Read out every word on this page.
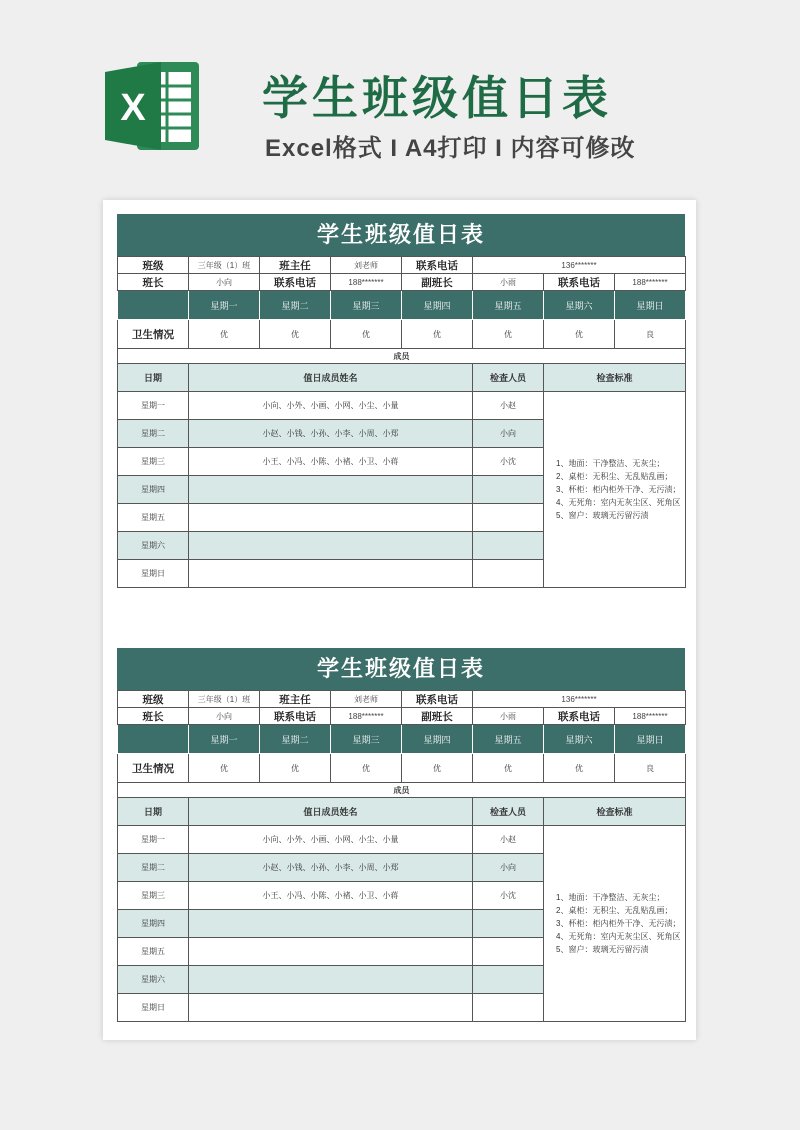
X	学生班级值日表
Excel格式 I A4打印 I 内容可修改
学生班级值日表
班级	三年级（1）班	班主任	刘老师	联系电话	136*******		
班长	小向	联系电话	188*******	副班长	小雨	联系电话	188*******
	星期一	星期二	星期三	星期四	星期五	星期六	星期日
卫生情况	优	优	优	优	优	优	良
成员							
日期	值日成员姓名				检查人员	检查标准	
星期一	小向、小外、小画、小网、小尘、小量				小赵	1、地面：干净整洁、无灰尘；
2、桌柜：无积尘、无乱贴乱画；
3、杯柜：柜内柜外干净、无污渍；
4、无死角：室内无灰尘区、死角区
5、窗户：玻璃无污留污渍	

星期二	小赵、小钱、小孙、小李、小周、小郑				小向		
星期三	小王、小冯、小陈、小褚、小卫、小蒋				小沈		
星期四							
星期五							
星期六							
星期日							
学生班级值日表
班级	三年级（1）班	班主任	刘老师	联系电话	136*******		
班长	小向	联系电话	188*******	副班长	小雨	联系电话	188*******
	星期一	星期二	星期三	星期四	星期五	星期六	星期日
卫生情况	优	优	优	优	优	优	良
成员							
日期	值日成员姓名				检查人员	检查标准	
星期一	小向、小外、小画、小网、小尘、小量				小赵	1、地面：干净整洁、无灰尘；
2、桌柜：无积尘、无乱贴乱画；
3、杯柜：柜内柜外干净、无污渍；
4、无死角：室内无灰尘区、死角区
5、窗户：玻璃无污留污渍	

星期二	小赵、小钱、小孙、小李、小周、小郑				小向		
星期三	小王、小冯、小陈、小褚、小卫、小蒋				小沈		
星期四							
星期五							
星期六							
星期日							
